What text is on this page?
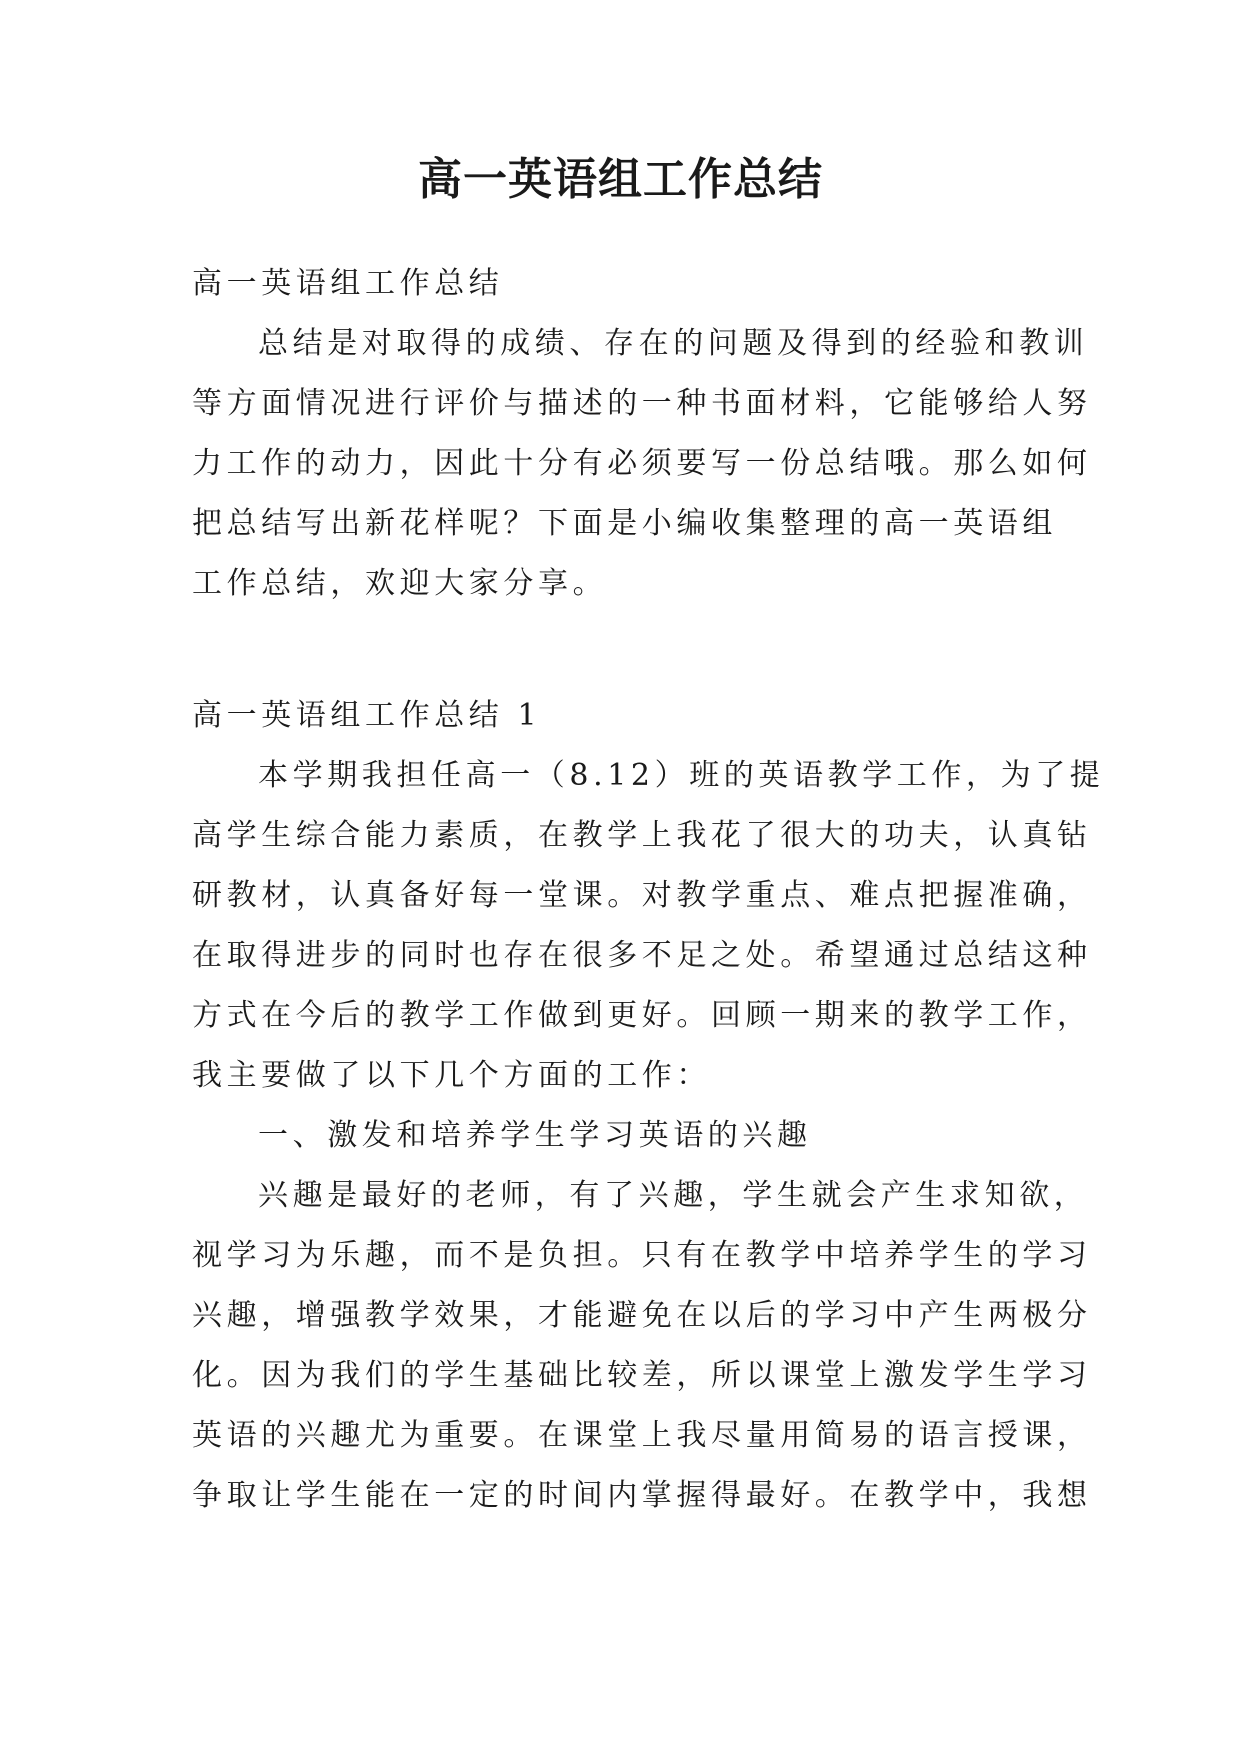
高一英语组工作总结
高一英语组工作总结
总结是对取得的成绩、存在的问题及得到的经验和教训
等方面情况进行评价与描述的一种书面材料，它能够给人努
力工作的动力，因此十分有必须要写一份总结哦。那么如何
把总结写出新花样呢？下面是小编收集整理的高一英语组
工作总结，欢迎大家分享。
高一英语组工作总结 1
本学期我担任高一（8.12）班的英语教学工作，为了提
高学生综合能力素质，在教学上我花了很大的功夫，认真钻
研教材，认真备好每一堂课。对教学重点、难点把握准确，
在取得进步的同时也存在很多不足之处。希望通过总结这种
方式在今后的教学工作做到更好。回顾一期来的教学工作，
我主要做了以下几个方面的工作：
一、激发和培养学生学习英语的兴趣
兴趣是最好的老师，有了兴趣，学生就会产生求知欲，
视学习为乐趣，而不是负担。只有在教学中培养学生的学习
兴趣，增强教学效果，才能避免在以后的学习中产生两极分
化。因为我们的学生基础比较差，所以课堂上激发学生学习
英语的兴趣尤为重要。在课堂上我尽量用简易的语言授课，
争取让学生能在一定的时间内掌握得最好。在教学中，我想
